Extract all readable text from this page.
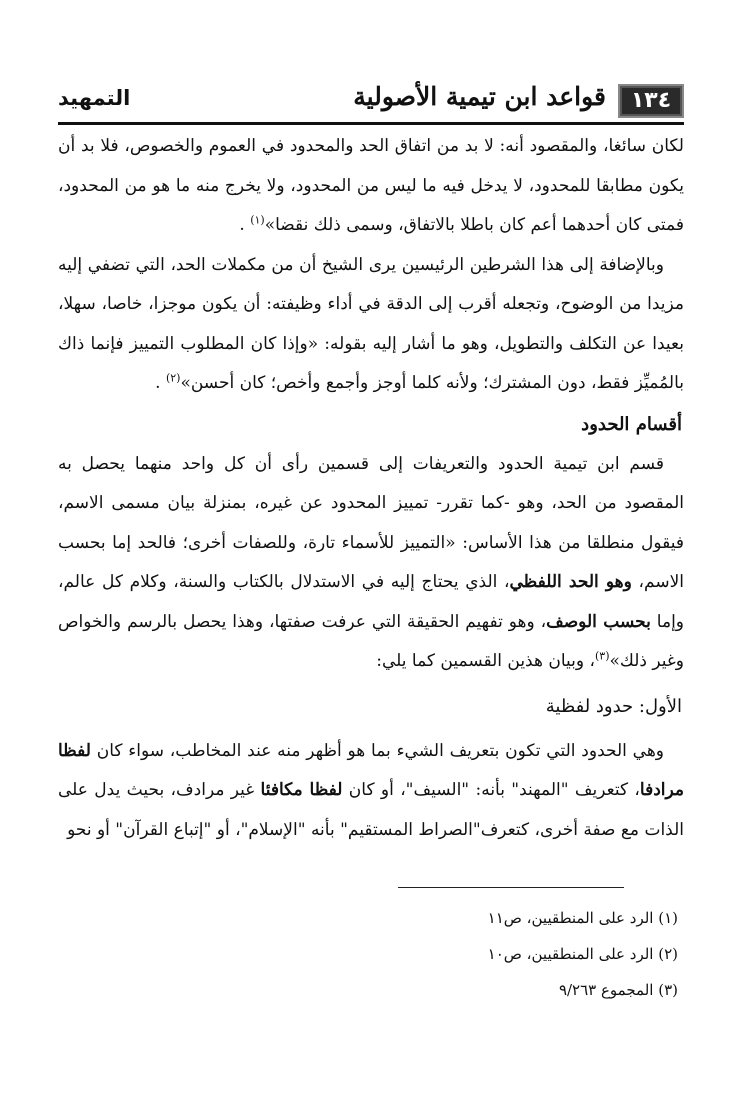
١٣٤
قواعد ابن تيمية الأصولية
التمهيد

لكان سائغا، والمقصود أنه: لا بد من اتفاق الحد والمحدود في العموم والخصوص، فلا بد أن يكون مطابقا للمحدود، لا يدخل فيه ما ليس من المحدود، ولا يخرج منه ما هو من المحدود، فمتى كان أحدهما أعم كان باطلا بالاتفاق، وسمى ذلك نقضا»$^{(١)}$ .

وبالإضافة إلى هذا الشرطين الرئيسين يرى الشيخ أن من مكملات الحد، التي تضفي إليه مزيدا من الوضوح، وتجعله أقرب إلى الدقة في أداء وظيفته: أن يكون موجزا، خاصا، سهلا، بعيدا عن التكلف والتطويل، وهو ما أشار إليه بقوله: «وإذا كان المطلوب التمييز فإنما ذاك بالمُميِّز فقط، دون المشترك؛ ولأنه كلما أوجز وأجمع وأخص؛ كان أحسن»$^{(٢)}$ .

أقسام الحدود

قسم ابن تيمية الحدود والتعريفات إلى قسمين رأى أن كل واحد منهما يحصل به المقصود من الحد، وهو -كما تقرر- تمييز المحدود عن غيره، بمنزلة بيان مسمى الاسم، فيقول منطلقا من هذا الأساس: «التمييز للأسماء تارة، وللصفات أخرى؛ فالحد إما بحسب الاسم، وهو الحد اللفظي، الذي يحتاج إليه في الاستدلال بالكتاب والسنة، وكلام كل عالم، وإما بحسب الوصف، وهو تفهيم الحقيقة التي عرفت صفتها، وهذا يحصل بالرسم والخواص وغير ذلك»$^{(٣)}$، وبيان هذين القسمين كما يلي:

الأول: حدود لفظية

وهي الحدود التي تكون بتعريف الشيء بما هو أظهر منه عند المخاطب، سواء كان لفظا مرادفا، كتعريف "المهند" بأنه: "السيف"، أو كان لفظا مكافئا غير مرادف، بحيث يدل على الذات مع صفة أخرى، كتعرف"الصراط المستقيم" بأنه "الإسلام"، أو "إتباع القرآن" أو نحو

(١) الرد على المنطقيين، ص١١
(٢) الرد على المنطقيين، ص١٠
(٣) المجموع ٩/٢٦٣
